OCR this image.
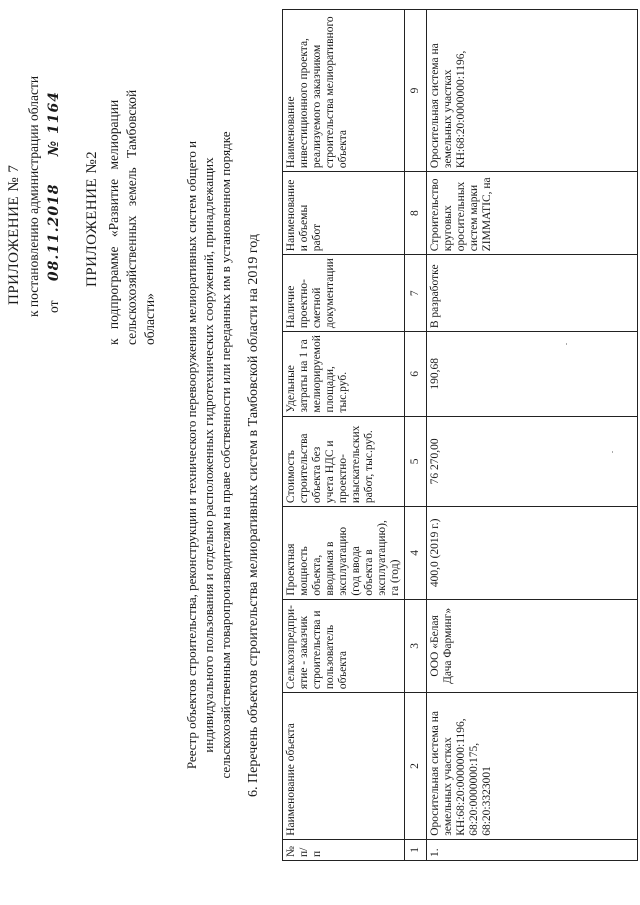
ПРИЛОЖЕНИЕ № 7 к постановлению администрации области от 08.11.2018 № 1164
ПРИЛОЖЕНИЕ №2 к подпрограмме «Развитие мелиорации сельскохозяйственных земель Тамбовской области» Реестр объектов строительства, реконструкции и технического перевооружения мелиоративных систем общего и индивидуального пользования и отдельно расположенных гидротехнических сооружений, принадлежащих сельскохозяйственным товаропроизводителям на праве собственности или переданных им в установленном порядке 6. Перечень объектов строительства мелиоративных систем в Тамбовской области на 2019 год
№ п/п	Наименование объекта	Сельхозпредпри-ятие - заказчик строительства и пользователь объекта	Проектная мощность объекта, вводимая в эксплуатацию (год ввода объекта в эксплуатацию), га (год)	Стоимость строительства объекта без учета НДС и проектно-изыскательских работ, тыс.руб.	Удельные затраты на 1 га мелиорируемой площади, тыс.руб.	Наличие проектно-сметной документации	Наименование и объемы работ	Наименование инвестиционного проекта, реализуемого заказчиком строительства мелиоративного объекта
1	2	3	4	5	6	7	8	9
1.	Оросительная система на земельных участках КН:68:20:0000000:1196, 68:20:0000000:175, 68:20:3323001	ООО «Белая Дача Фарминг»	400,0 (2019 г.)	76 270,00	190,68	В разработке	Строительство круговых оросительных систем марки ZIMMATIC, на	Оросительная система на земельных участках КН:68:20:0000000:1196,
